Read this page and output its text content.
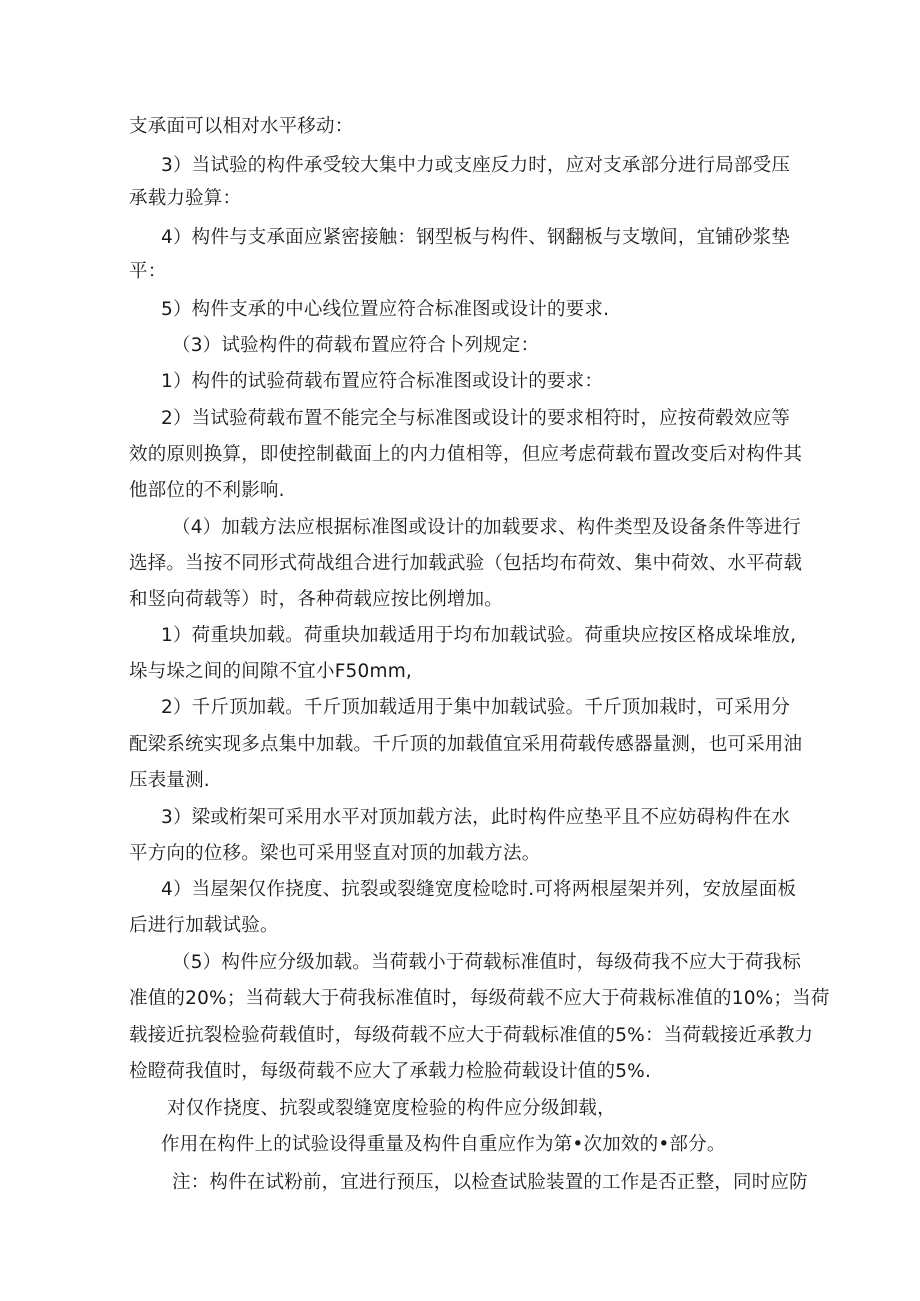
支承面可以相对水平移动：
3）当试验的构件承受较大集中力或支座反力时，应对支承部分进行局部受压
承载力验算：
4）构件与支承面应紧密接触：钢型板与构件、钢翻板与支墩间，宜铺砂浆垫
平：
5）构件支承的中心线位置应符合标准图或设计的要求.
（3）试验构件的荷载布置应符合卜列规定：
1）构件的试验荷载布置应符合标准图或设计的要求：
2）当试验荷载布置不能完全与标准图或设计的要求相符时，应按荷毂效应等
效的原则换算，即使控制截面上的内力值相等，但应考虑荷载布置改变后对构件其
他部位的不利影响.
（4）加载方法应根据标准图或设计的加载要求、构件类型及设备条件等进行
选择。当按不同形式荷战组合进行加载武验（包括均布荷效、集中荷效、水平荷载
和竖向荷载等）时，各种荷载应按比例增加。
1）荷重块加载。荷重块加载适用于均布加载试验。荷重块应按区格成垛堆放,
垛与垛之间的间隙不宜小F50mm,
2）千斤顶加载。千斤顶加载适用于集中加载试验。千斤顶加栽时，可采用分
配梁系统实现多点集中加载。千斤顶的加载值宜采用荷载传感器量测，也可采用油
压表量测.
3）梁或桁架可采用水平对顶加载方法，此时构件应垫平且不应妨碍构件在水
平方向的位移。梁也可采用竖直对顶的加载方法。
4）当屋架仅作挠度、抗裂或裂缝宽度检唸时.可将两根屋架并列，安放屋面板
后进行加载试验。
（5）构件应分级加载。当荷载小于荷载标准值时，每级荷我不应大于荷我标
准值的20%；当荷载大于荷我标准值时，每级荷载不应大于荷栽标准值的10%；当荷
载接近抗裂检验荷载值时，每级荷载不应大于荷载标准值的5%：当荷载接近承教力
检瞪荷我值时，每级荷载不应大了承载力检脸荷载设计值的5%.
对仅作挠度、抗裂或裂缝宽度检验的构件应分级卸载，
作用在构件上的试验设得重量及构件自重应作为第•次加效的•部分。
注：构件在试粉前，宜进行预压，以检查试脸装置的工作是否正整，同时应防
